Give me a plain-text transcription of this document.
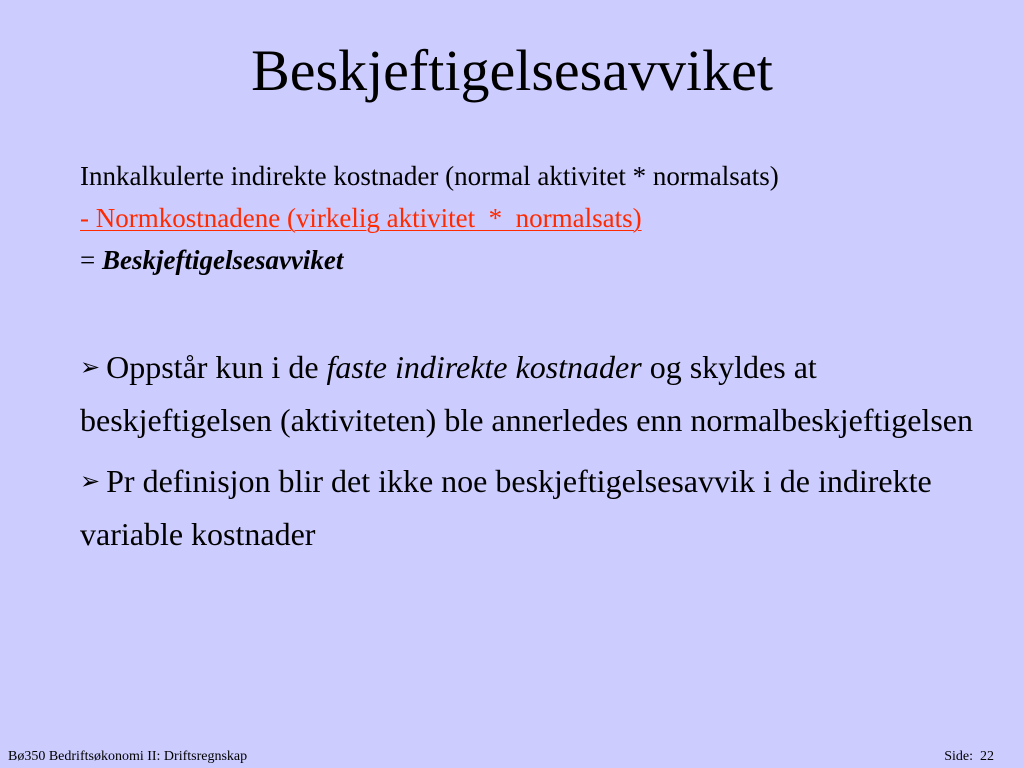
Beskjeftigelsesavviket
Innkalkulerte indirekte kostnader (normal aktivitet * normalsats)
- Normkostnadene (virkelig aktivitet  *  normalsats)
= Beskjeftigelsesavviket

➢ Oppstår kun i de faste indirekte kostnader og skyldes at beskjeftigelsen (aktiviteten) ble annerledes enn normalbeskjeftigelsen

➢ Pr definisjon blir det ikke noe beskjeftigelsesavvik i de indirekte variable kostnader

Bø350 Bedriftsøkonomi II: Driftsregnskap	Side: 22
